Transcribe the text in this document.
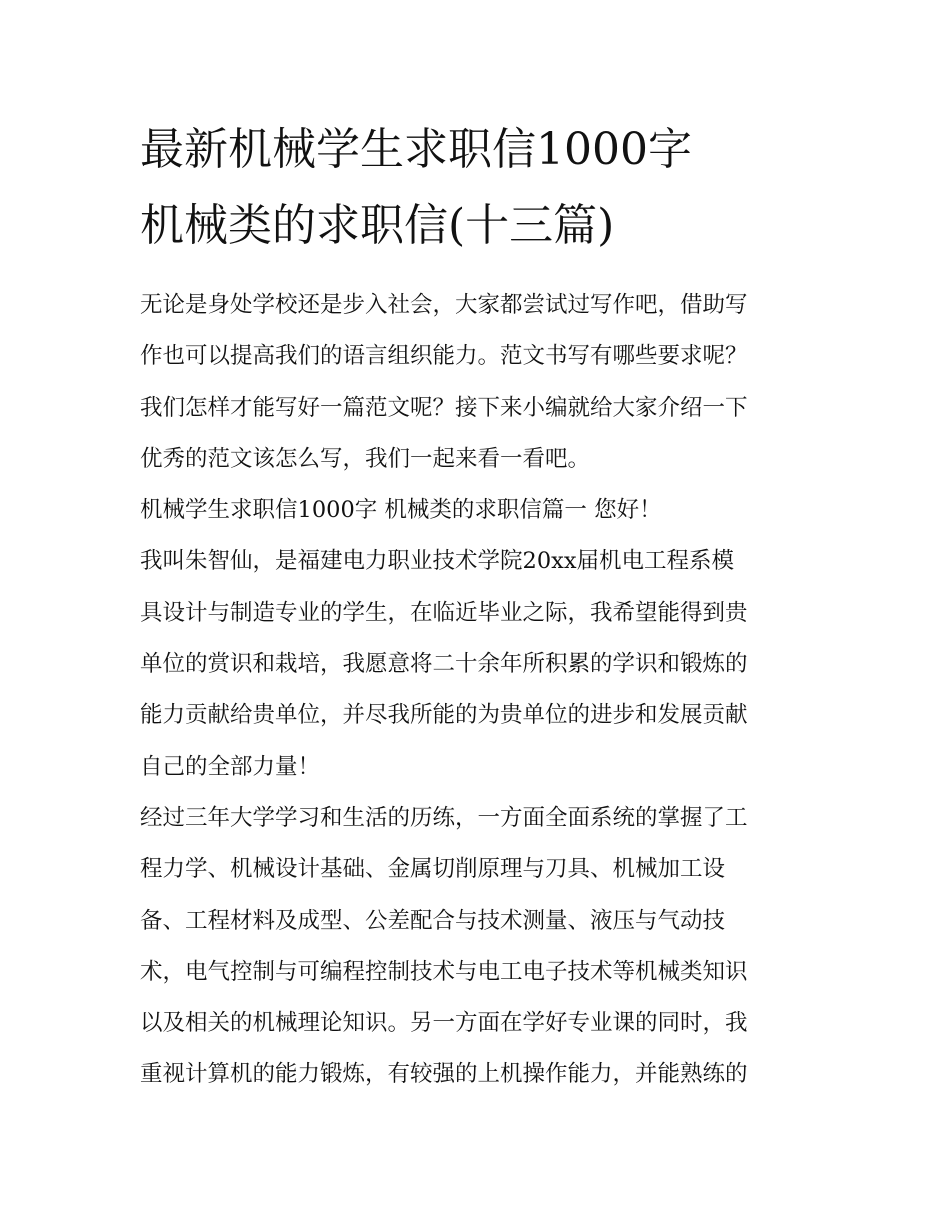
最新机械学生求职信1000字
机械类的求职信(十三篇)
无论是身处学校还是步入社会，大家都尝试过写作吧，借助写
作也可以提高我们的语言组织能力。范文书写有哪些要求呢？
我们怎样才能写好一篇范文呢？接下来小编就给大家介绍一下
优秀的范文该怎么写，我们一起来看一看吧。
机械学生求职信1000字 机械类的求职信篇一 您好！
我叫朱智仙，是福建电力职业技术学院20xx届机电工程系模
具设计与制造专业的学生，在临近毕业之际，我希望能得到贵
单位的赏识和栽培，我愿意将二十余年所积累的学识和锻炼的
能力贡献给贵单位，并尽我所能的为贵单位的进步和发展贡献
自己的全部力量！
经过三年大学学习和生活的历练，一方面全面系统的掌握了工
程力学、机械设计基础、金属切削原理与刀具、机械加工设
备、工程材料及成型、公差配合与技术测量、液压与气动技
术，电气控制与可编程控制技术与电工电子技术等机械类知识
以及相关的机械理论知识。另一方面在学好专业课的同时，我
重视计算机的能力锻炼，有较强的上机操作能力，并能熟练的
